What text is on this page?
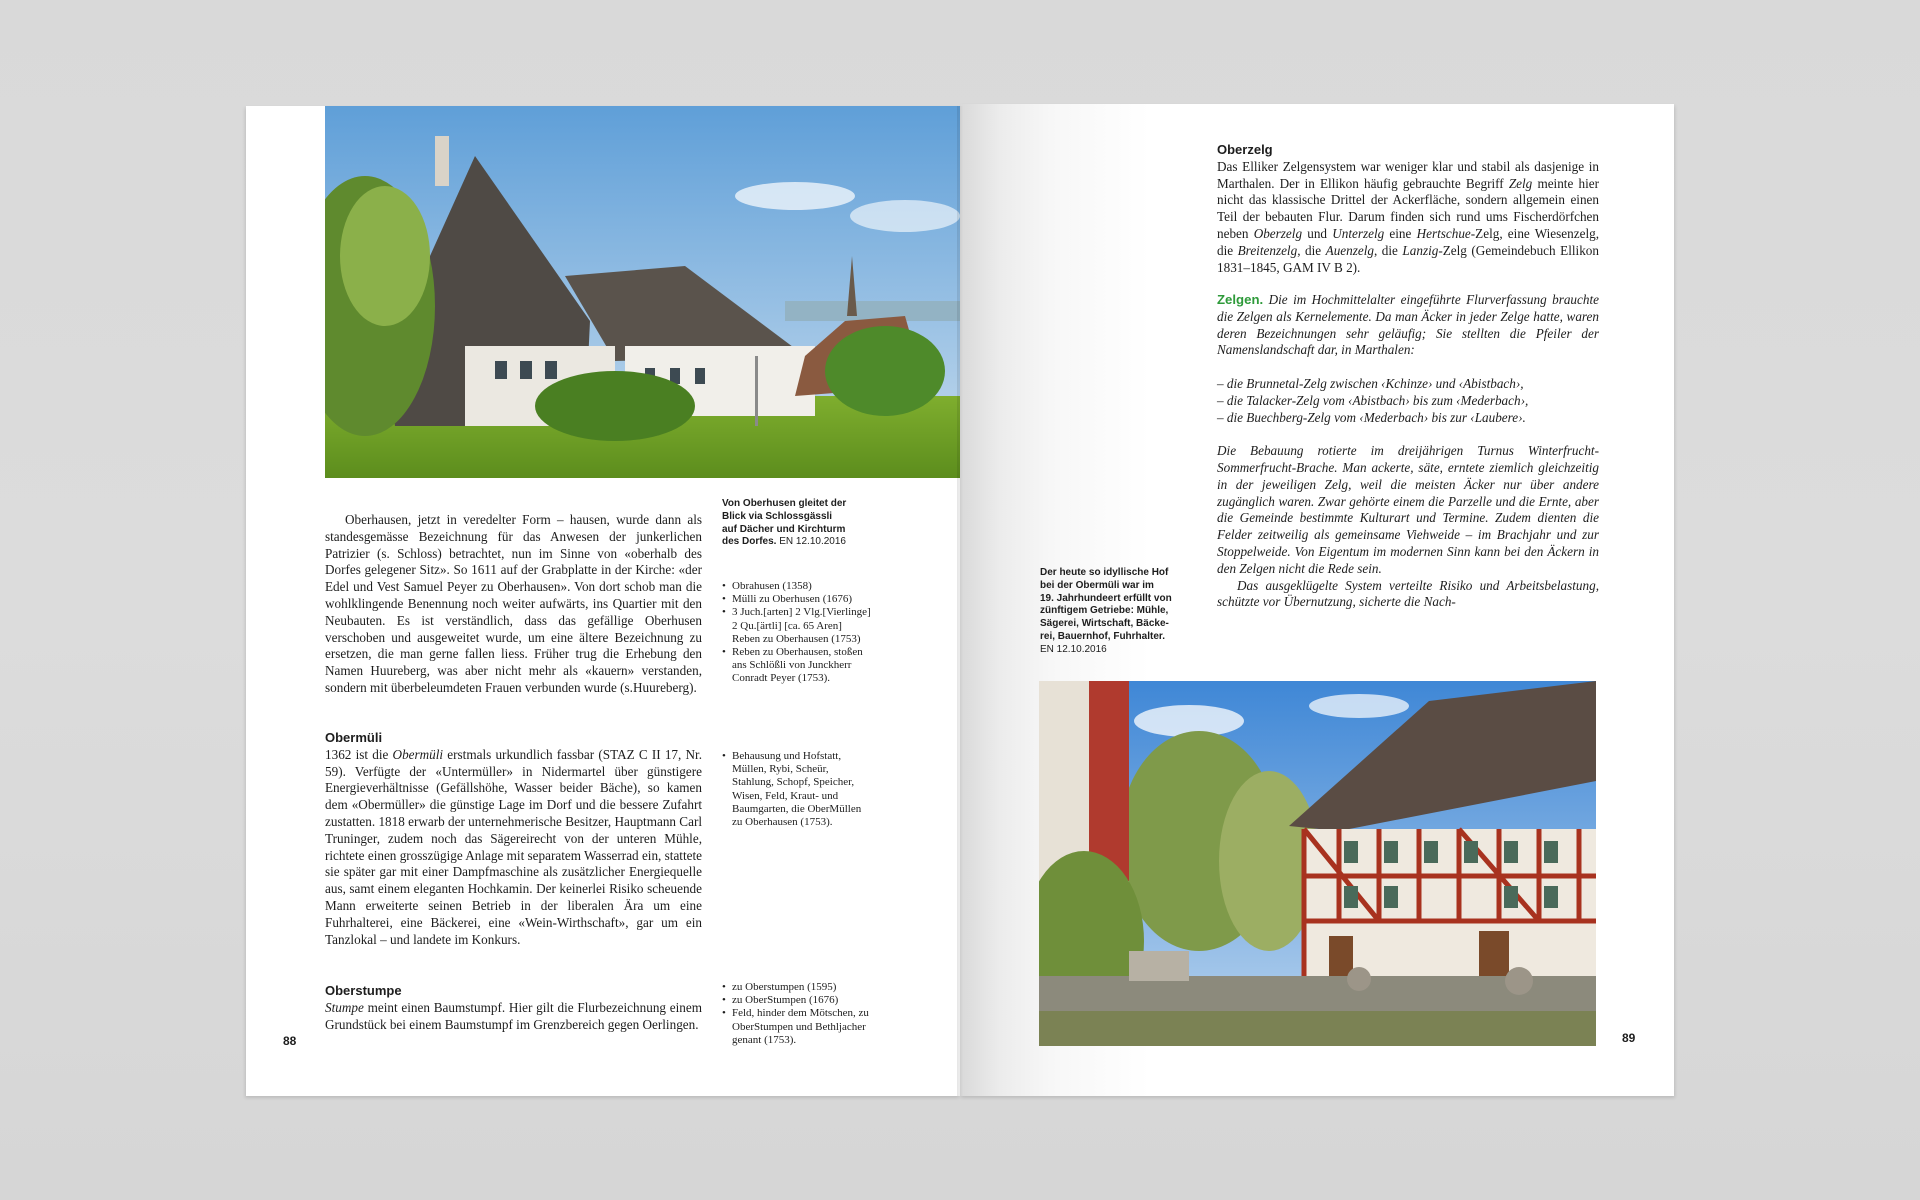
Von Oberhusen gleitet der
Blick via Schlossgässli
auf Dächer und Kirchturm
des Dorfes. EN 12.10.2016

Oberhausen, jetzt in veredelter Form – hausen, wurde dann als standesgemässe Bezeichnung für das Anwesen der junkerlichen Patrizier (s. Schloss) betrachtet, nun im Sinne von «oberhalb des Dorfes gelegener Sitz». So 1611 auf der Grabplatte in der Kirche: «der Edel und Vest Samuel Peyer zu Oberhausen». Von dort schob man die wohlklingende Benennung noch weiter aufwärts, ins Quartier mit den Neubauten. Es ist verständlich, dass das gefällige Oberhusen verschoben und ausgeweitet wurde, um eine ältere Bezeichnung zu ersetzen, die man gerne fallen liess. Früher trug die Erhebung den Namen Huureberg, was aber nicht mehr als «kauern» verstanden, sondern mit überbeleumdeten Frauen verbunden wurde (s.Huureberg).

• Obrahusen (1358)
• Mülli zu Oberhusen (1676)
• 3 Juch.[arten] 2 Vlg.[Vierlinge] 2 Qu.[ärtli] [ca. 65 Aren] Reben zu Oberhausen (1753)
• Reben zu Oberhausen, stoßen ans Schlößli von Junckherr Conradt Peyer (1753).

Obermüli

1362 ist die Obermüli erstmals urkundlich fassbar (STAZ C II 17, Nr. 59). Verfügte der «Untermüller» in Nidermartel über günstigere Energieverhältnisse (Gefällshöhe, Wasser beider Bäche), so kamen dem «Obermüller» die günstige Lage im Dorf und die bessere Zufahrt zustatten. 1818 erwarb der unternehmerische Besitzer, Hauptmann Carl Truninger, zudem noch das Sägereirecht von der unteren Mühle, richtete einen grosszügige Anlage mit separatem Wasserrad ein, stattete sie später gar mit einer Dampfmaschine als zusätzlicher Energiequelle aus, samt einem eleganten Hochkamin. Der keinerlei Risiko scheuende Mann erweiterte seinen Betrieb in der liberalen Ära um eine Fuhrhalterei, eine Bäckerei, eine «Wein-Wirthschaft», gar um ein Tanzlokal – und landete im Konkurs.

• Behausung und Hofstatt, Müllen, Rybi, Scheür, Stahlung, Schopf, Speicher, Wisen, Feld, Kraut- und Baumgarten, die OberMüllen zu Oberhausen (1753).

Oberstumpe

Stumpe meint einen Baumstumpf. Hier gilt die Flurbezeichnung einem Grundstück bei einem Baumstumpf im Grenzbereich gegen Oerlingen.

• zu Oberstumpen (1595)
• zu OberStumpen (1676)
• Feld, hinder dem Mötschen, zu OberStumpen und Bethljacher genant (1753).
88

Oberzelg

Das Elliker Zelgensystem war weniger klar und stabil als dasjenige in Marthalen. Der in Ellikon häufig gebrauchte Begriff Zelg meinte hier nicht das klassische Drittel der Ackerfläche, sondern allgemein einen Teil der bebauten Flur. Darum finden sich rund ums Fischerdörfchen neben Oberzelg und Unterzelg eine Hertschue-Zelg, eine Wiesenzelg, die Breitenzelg, die Auenzelg, die Lanzig-Zelg (Gemeindebuch Ellikon 1831–1845, GAM IV B 2).

Zelgen. Die im Hochmittelalter eingeführte Flurverfassung brauchte die Zelgen als Kernelemente. Da man Äcker in jeder Zelge hatte, waren deren Bezeichnungen sehr geläufig; Sie stellten die Pfeiler der Namenslandschaft dar, in Marthalen:

– die Brunnetal-Zelg zwischen ‹Kchinze› und ‹Abistbach›,

– die Talacker-Zelg vom ‹Abistbach› bis zum ‹Mederbach›,

– die Buechberg-Zelg vom ‹Mederbach› bis zur ‹Laubere›.

Die Bebauung rotierte im dreijährigen Turnus Winterfrucht-Sommerfrucht-Brache. Man ackerte, säte, erntete ziemlich gleichzeitig in der jeweiligen Zelg, weil die meisten Äcker nur über andere zugänglich waren. Zwar gehörte einem die Parzelle und die Ernte, aber die Gemeinde bestimmte Kulturart und Termine. Zudem dienten die Felder zeitweilig als gemeinsame Viehweide – im Brachjahr und zur Stoppelweide. Von Eigentum im modernen Sinn kann bei den Äckern in den Zelgen nicht die Rede sein.

Das ausgeklügelte System verteilte Risiko und Arbeitsbelastung, schützte vor Übernutzung, sicherte die Nach-

Der heute so idyllische Hof
bei der Obermüli war im
19. Jahrhundeert erfüllt von
zünftigem Getriebe: Mühle,
Sägerei, Wirtschaft, Bäcke-
rei, Bauernhof, Fuhrhalter.
EN 12.10.2016
89
